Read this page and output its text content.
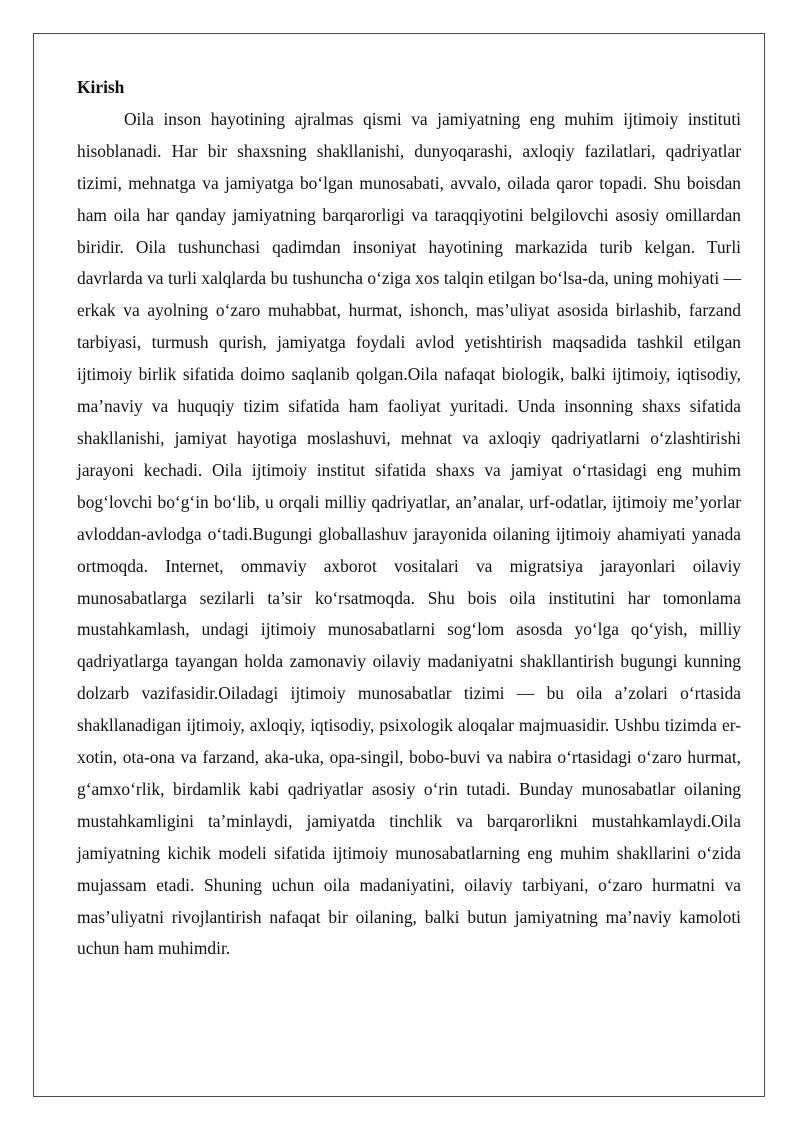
Kirish

Oila inson hayotining ajralmas qismi va jamiyatning eng muhim ijtimoiy instituti hisoblanadi. Har bir shaxsning shakllanishi, dunyoqarashi, axloqiy fazilatlari, qadriyatlar tizimi, mehnatga va jamiyatga bo‘lgan munosabati, avvalo, oilada qaror topadi. Shu boisdan ham oila har qanday jamiyatning barqarorligi va taraqqiyotini belgilovchi asosiy omillardan biridir. Oila tushunchasi qadimdan insoniyat hayotining markazida turib kelgan. Turli davrlarda va turli xalqlarda bu tushuncha o‘ziga xos talqin etilgan bo‘lsa-da, uning mohiyati — erkak va ayolning o‘zaro muhabbat, hurmat, ishonch, mas’uliyat asosida birlashib, farzand tarbiyasi, turmush qurish, jamiyatga foydali avlod yetishtirish maqsadida tashkil etilgan ijtimoiy birlik sifatida doimo saqlanib qolgan.Oila nafaqat biologik, balki ijtimoiy, iqtisodiy, ma’naviy va huquqiy tizim sifatida ham faoliyat yuritadi. Unda insonning shaxs sifatida shakllanishi, jamiyat hayotiga moslashuvi, mehnat va axloqiy qadriyatlarni o‘zlashtirishi jarayoni kechadi. Oila ijtimoiy institut sifatida shaxs va jamiyat o‘rtasidagi eng muhim bog‘lovchi bo‘g‘in bo‘lib, u orqali milliy qadriyatlar, an’analar, urf-odatlar, ijtimoiy me’yorlar avloddan-avlodga o‘tadi.Bugungi globallashuv jarayonida oilaning ijtimoiy ahamiyati yanada ortmoqda. Internet, ommaviy axborot vositalari va migratsiya jarayonlari oilaviy munosabatlarga sezilarli ta’sir ko‘rsatmoqda. Shu bois oila institutini har tomonlama mustahkamlash, undagi ijtimoiy munosabatlarni sog‘lom asosda yo‘lga qo‘yish, milliy qadriyatlarga tayangan holda zamonaviy oilaviy madaniyatni shakllantirish bugungi kunning dolzarb vazifasidir.Oiladagi ijtimoiy munosabatlar tizimi — bu oila a’zolari o‘rtasida shakllanadigan ijtimoiy, axloqiy, iqtisodiy, psixologik aloqalar majmuasidir. Ushbu tizimda er-xotin, ota-ona va farzand, aka-uka, opa-singil, bobo-buvi va nabira o‘rtasidagi o‘zaro hurmat, g‘amxo‘rlik, birdamlik kabi qadriyatlar asosiy o‘rin tutadi. Bunday munosabatlar oilaning mustahkamligini ta’minlaydi, jamiyatda tinchlik va barqarorlikni mustahkamlaydi.Oila jamiyatning kichik modeli sifatida ijtimoiy munosabatlarning eng muhim shakllarini o‘zida mujassam etadi. Shuning uchun oila madaniyatini, oilaviy tarbiyani, o‘zaro hurmatni va mas’uliyatni rivojlantirish nafaqat bir oilaning, balki butun jamiyatning ma’naviy kamoloti uchun ham muhimdir.
